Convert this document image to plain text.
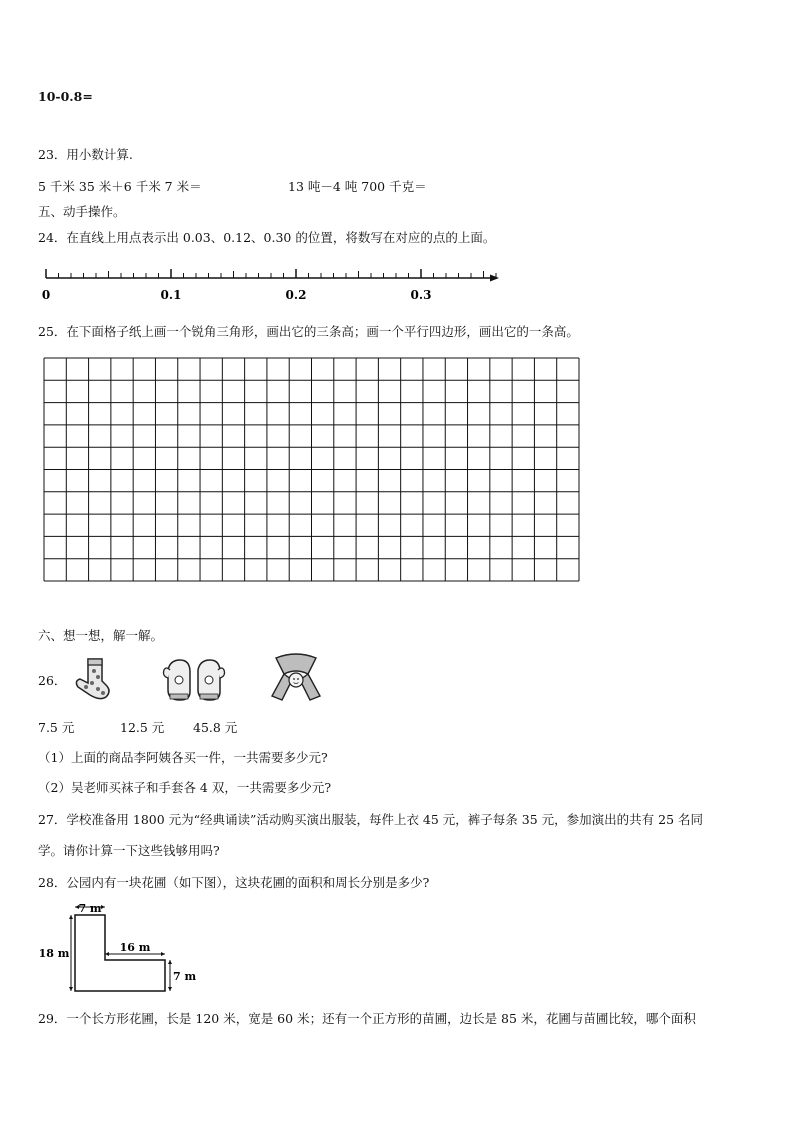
10-0.8=
23．用小数计算.
5 千米 35 米＋6 千米 7 米＝	13 吨－4 吨 700 千克＝
五、动手操作。
24．在直线上用点表示出 0.03、0.12、0.30 的位置，将数写在对应的点的上面。
0	0.1	0.2	0.3
25．在下面格子纸上画一个锐角三角形，画出它的三条高；画一个平行四边形，画出它的一条高。
六、想一想，解一解。
26．
7.5 元	12.5 元 45.8 元
（1）上面的商品李阿姨各买一件，一共需要多少元?
（2）吴老师买袜子和手套各 4 双，一共需要多少元?
27．学校准备用 1800 元为“经典诵读”活动购买演出服装，每件上衣 45 元，裤子每条 35 元，参加演出的共有 25 名同
学。请你计算一下这些钱够用吗?
28．公园内有一块花圃（如下图），这块花圃的面积和周长分别是多少?
7 m
18 m	16 m
7 m
29．一个长方形花圃，长是 120 米，宽是 60 米；还有一个正方形的苗圃，边长是 85 米，花圃与苗圃比较，哪个面积
